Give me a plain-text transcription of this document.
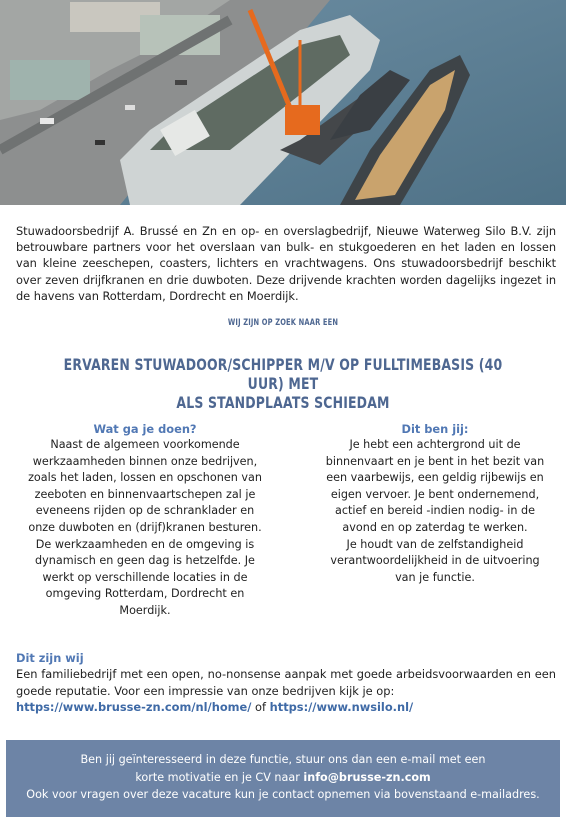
Stuwadoorsbedrijf A. Brussé en Zn en op- en overslagbedrijf, Nieuwe Waterweg Silo B.V. zijn betrouwbare partners voor het overslaan van bulk- en stukgoederen en het laden en lossen van kleine zeeschepen, coasters, lichters en vrachtwagens. Ons stuwadoorsbedrijf beschikt over zeven drijfkranen en drie duwboten. Deze drijvende krachten worden dagelijks ingezet in de havens van Rotterdam, Dordrecht en Moerdijk.
WIJ ZIJN OP ZOEK NAAR EEN
ERVAREN STUWADOOR/SCHIPPER M/V OP FULLTIMEBASIS (40 UUR) MET
ALS STANDPLAATS SCHIEDAM
Wat ga je doen?

Naast de algemeen voorkomende

werkzaamheden binnen onze bedrijven,

zoals het laden, lossen en opschonen van

zeeboten en binnenvaartschepen zal je

eveneens rijden op de schranklader en

onze duwboten en (drijf)kranen besturen.

De werkzaamheden en de omgeving is

dynamisch en geen dag is hetzelfde. Je

werkt op verschillende locaties in de

omgeving Rotterdam, Dordrecht en

Moerdijk.

Dit ben jij:

Je hebt een achtergrond uit de

binnenvaart en je bent in het bezit van

een vaarbewijs, een geldig rijbewijs en

eigen vervoer. Je bent ondernemend,

actief en bereid -indien nodig- in de

avond en op zaterdag te werken.

Je houdt van de zelfstandigheid

verantwoordelijkheid in de uitvoering

van je functie.

Dit zijn wij

Een familiebedrijf met een open, no-nonsense aanpak met goede arbeidsvoorwaarden en een goede reputatie. Voor een impressie van onze bedrijven kijk je op:
https://www.brusse-zn.com/nl/home/ of https://www.nwsilo.nl/

Ben jij geïnteresseerd in deze functie, stuur ons dan een e-mail met een
korte motivatie en je CV naar info@brusse-zn.com
Ook voor vragen over deze vacature kun je contact opnemen via bovenstaand e-mailadres.
